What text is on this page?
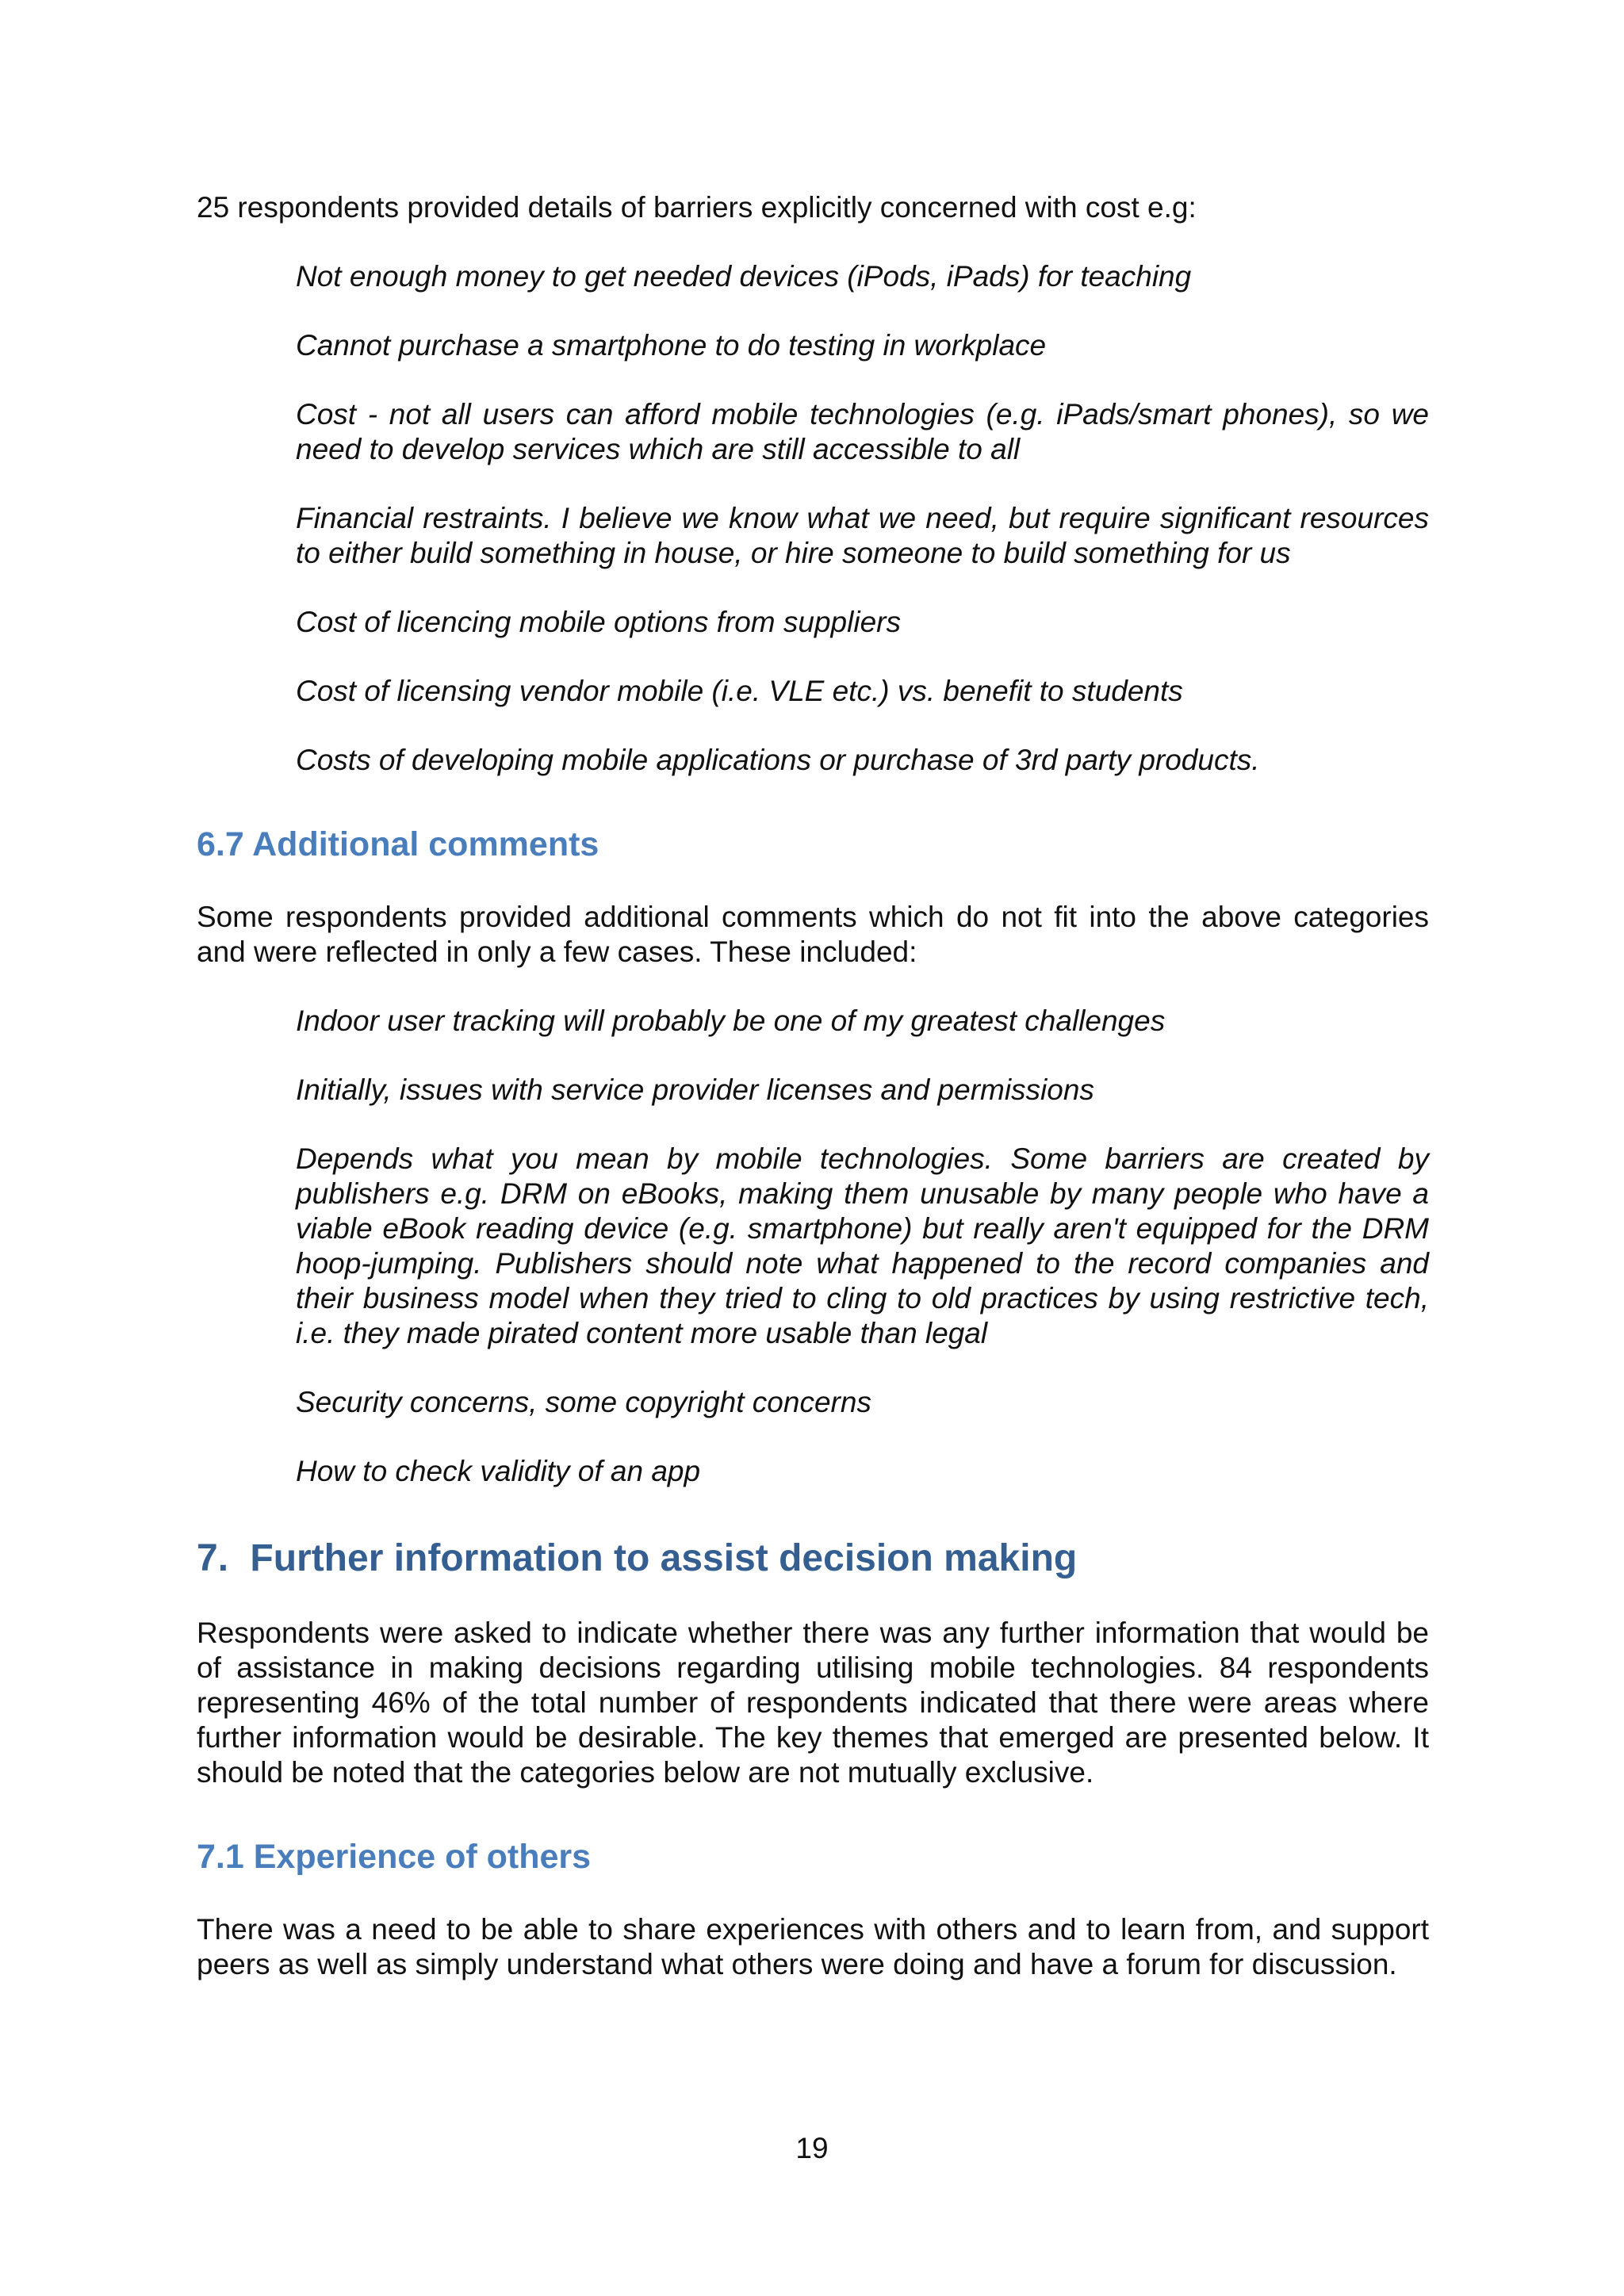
25 respondents provided details of barriers explicitly concerned with cost e.g:

Not enough money to get needed devices (iPods, iPads) for teaching

Cannot purchase a smartphone to do testing in workplace

Cost - not all users can afford mobile technologies (e.g. iPads/smart phones), so we need to develop services which are still accessible to all

Financial restraints. I believe we know what we need, but require significant resources to either build something in house, or hire someone to build something for us

Cost of licencing mobile options from suppliers

Cost of licensing vendor mobile (i.e. VLE etc.) vs. benefit to students

Costs of developing mobile applications or purchase of 3rd party products.

6.7 Additional comments

Some respondents provided additional comments which do not fit into the above categories and were reflected in only a few cases. These included:

Indoor user tracking will probably be one of my greatest challenges

Initially, issues with service provider licenses and permissions

Depends what you mean by mobile technologies. Some barriers are created by publishers e.g. DRM on eBooks, making them unusable by many people who have a viable eBook reading device (e.g. smartphone) but really aren't equipped for the DRM hoop-jumping. Publishers should note what happened to the record companies and their business model when they tried to cling to old practices by using restrictive tech, i.e. they made pirated content more usable than legal

Security concerns, some copyright concerns

How to check validity of an app

7. Further information to assist decision making

Respondents were asked to indicate whether there was any further information that would be of assistance in making decisions regarding utilising mobile technologies. 84 respondents representing 46% of the total number of respondents indicated that there were areas where further information would be desirable. The key themes that emerged are presented below. It should be noted that the categories below are not mutually exclusive.

7.1 Experience of others

There was a need to be able to share experiences with others and to learn from, and support peers as well as simply understand what others were doing and have a forum for discussion.

19
